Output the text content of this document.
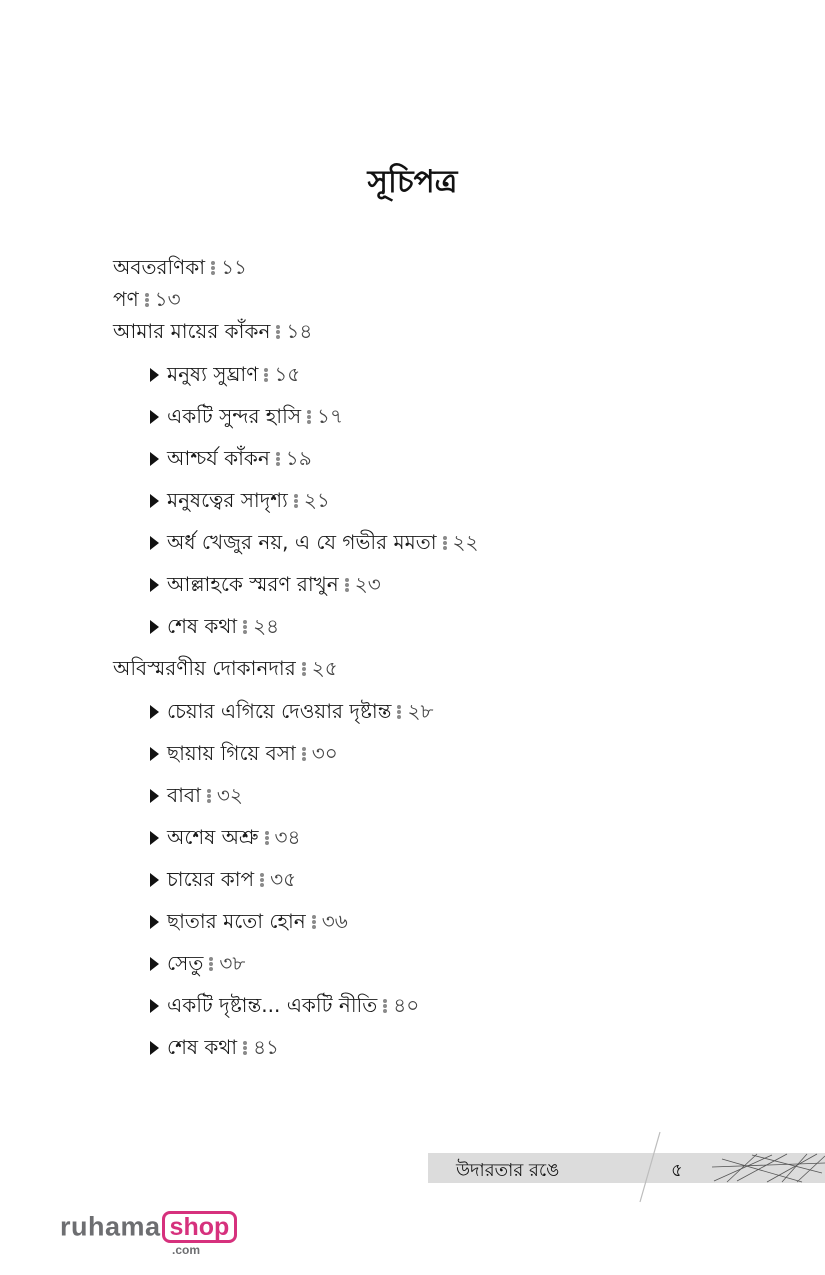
সূচিপত্র
অবতরণিকা ১১
পণ ১৩
আমার মায়ের কাঁকন ১৪
মনুষ্য সুঘ্রাণ ১৫
একটি সুন্দর হাসি ১৭
আশ্চর্য কাঁকন ১৯
মনুষত্বের সাদৃশ্য ২১
অর্ধ খেজুর নয়, এ যে গভীর মমতা ২২
আল্লাহকে স্মরণ রাখুন ২৩
শেষ কথা ২৪
অবিস্মরণীয় দোকানদার ২৫
চেয়ার এগিয়ে দেওয়ার দৃষ্টান্ত ২৮
ছায়ায় গিয়ে বসা ৩০
বাবা ৩২
অশেষ অশ্রু ৩৪
চায়ের কাপ ৩৫
ছাতার মতো হোন ৩৬
সেতু ৩৮
একটি দৃষ্টান্ত... একটি নীতি ৪০
শেষ কথা ৪১
উদারতার রঙে	৫
ruhama shop
.com
